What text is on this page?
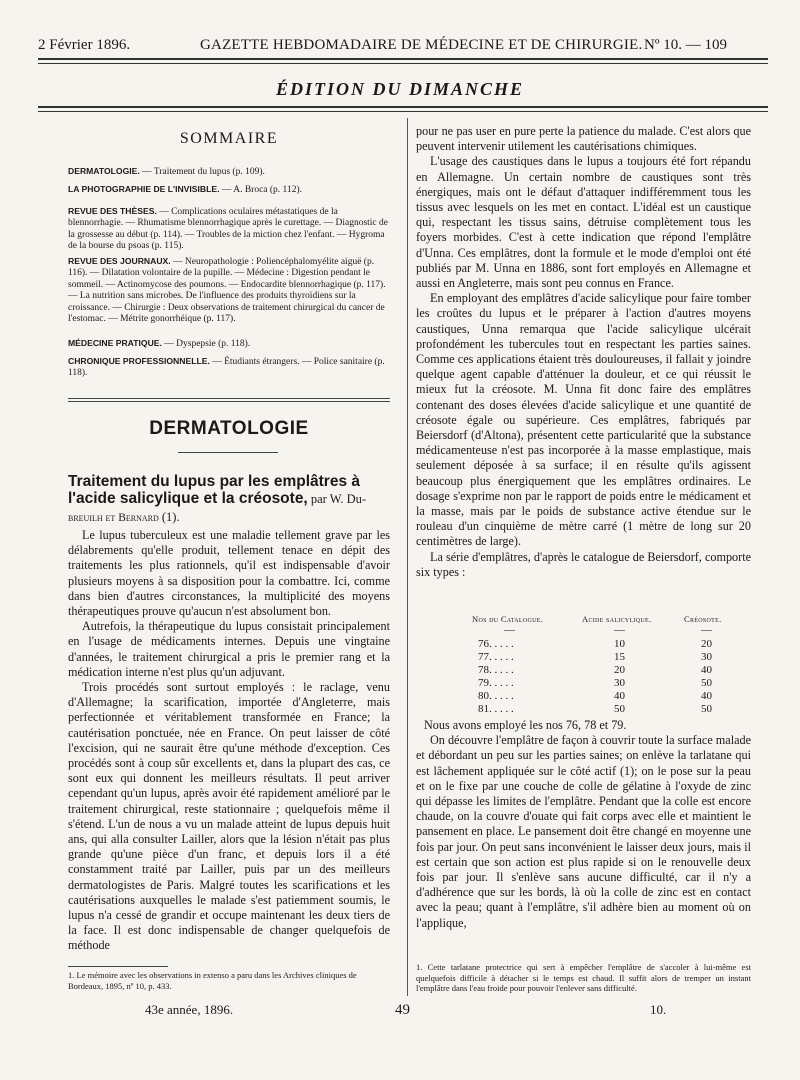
2 Février 1896.	GAZETTE HEBDOMADAIRE DE MÉDECINE ET DE CHIRURGIE. Nº 10. — 109
ÉDITION DU DIMANCHE
SOMMAIRE
DERMATOLOGIE. — Traitement du lupus (p. 109).
LA PHOTOGRAPHIE DE L'INVISIBLE. — A. Broca (p. 112).
REVUE DES THÈSES. — Complications oculaires métastatiques de la blennorrhagie. — Rhumatisme blennorrhagique après le curettage. — Diagnostic de la grossesse au début (p. 114). — Troubles de la miction chez l'enfant. — Hygroma de la bourse du psoas (p. 115).
REVUE DES JOURNAUX. — Neuropathologie : Poliencéphalomyélite aiguë (p. 116). — Dilatation volontaire de la pupille. — Médecine : Digestion pendant le sommeil. — Actinomycose des poumons. — Endocardite blennorrhagique (p. 117). — La nutrition sans microbes. De l'influence des produits thyroïdiens sur la croissance. — Chirurgie : Deux observations de traitement chirurgical du cancer de l'estomac. — Métrite gonorrhéique (p. 117).
MÉDECINE PRATIQUE. — Dyspepsie (p. 118).
CHRONIQUE PROFESSIONNELLE. — Étudiants étrangers. — Police sanitaire (p. 118).
DERMATOLOGIE
Traitement du lupus par les emplâtres à l'acide salicylique et la créosote, par W. Du- breuilh et Bernard (1).

Le lupus tuberculeux est une maladie tellement grave par les délabrements qu'elle produit, tellement tenace en dépit des traitements les plus rationnels, qu'il est indispensable d'avoir plusieurs moyens à sa disposition pour la combattre. Ici, comme dans bien d'autres circonstances, la multiplicité des moyens thérapeutiques prouve qu'aucun n'est absolument bon.

Autrefois, la thérapeutique du lupus consistait principalement en l'usage de médicaments internes. Depuis une vingtaine d'années, le traitement chirurgical a pris le premier rang et la médication interne n'est plus qu'un adjuvant.

Trois procédés sont surtout employés : le raclage, venu d'Allemagne; la scarification, importée d'Angleterre, mais perfectionnée et véritablement transformée en France; la cautérisation ponctuée, née en France. On peut laisser de côté l'excision, qui ne saurait être qu'une méthode d'exception. Ces procédés sont à coup sûr excellents et, dans la plupart des cas, ce sont eux qui donnent les meilleurs résultats. Il peut arriver cependant qu'un lupus, après avoir été rapidement amélioré par le traitement chirurgical, reste stationnaire ; quelquefois même il s'étend. L'un de nous a vu un malade atteint de lupus depuis huit ans, qui alla consulter Lailler, alors que la lésion n'était pas plus grande qu'une pièce d'un franc, et depuis lors il a été constamment traité par Lailler, puis par un des meilleurs dermatologistes de Paris. Malgré toutes les scarifications et les cautérisations auxquelles le malade s'est patiemment soumis, le lupus n'a cessé de grandir et occupe maintenant les deux tiers de la face. Il est donc indispensable de changer quelquefois de méthode

1. Le mémoire avec les observations in extenso a paru dans les Archives cliniques de Bordeaux, 1895, nº 10, p. 433.
43e année, 1896.

pour ne pas user en pure perte la patience du malade. C'est alors que peuvent intervenir utilement les cautérisations chimiques.

L'usage des caustiques dans le lupus a toujours été fort répandu en Allemagne. Un certain nombre de caustiques sont très énergiques, mais ont le défaut d'attaquer indifféremment tous les tissus avec lesquels on les met en contact. L'idéal est un caustique qui, respectant les tissus sains, détruise complètement tous les foyers morbides. C'est à cette indication que répond l'emplâtre d'Unna. Ces emplâtres, dont la formule et le mode d'emploi ont été publiés par M. Unna en 1886, sont fort employés en Allemagne et aussi en Angleterre, mais sont peu connus en France.

En employant des emplâtres d'acide salicylique pour faire tomber les croûtes du lupus et le préparer à l'action d'autres moyens caustiques, Unna remarqua que l'acide salicylique ulcérait profondément les tubercules tout en respectant les parties saines. Comme ces applications étaient très douloureuses, il fallait y joindre quelque agent capable d'atténuer la douleur, et ce qui réussit le mieux fut la créosote. M. Unna fit donc faire des emplâtres contenant des doses élevées d'acide salicylique et une quantité de créosote égale ou supérieure. Ces emplâtres, fabriqués par Beiersdorf (d'Altona), présentent cette particularité que la substance médicamenteuse n'est pas incorporée à la masse emplastique, mais seulement déposée à sa surface; il en résulte qu'ils agissent beaucoup plus énergiquement que les emplâtres ordinaires. Le dosage s'exprime non par le rapport de poids entre le médicament et la masse, mais par le poids de substance active étendue sur le rouleau d'un cinquième de mètre carré (1 mètre de long sur 20 centimètres de large).

La série d'emplâtres, d'après le catalogue de Beiersdorf, comporte six types :

Nos du Catalogue.	Acide salicylique.	Créosote.
—	—	—
76. . . . .	10	20
77. . . . .	15	30
78. . . . .	20	40
79. . . . .	30	50
80. . . . .	40	40
81. . . . .	50	50

Nous avons employé les nos 76, 78 et 79.

On découvre l'emplâtre de façon à couvrir toute la surface malade et débordant un peu sur les parties saines; on enlève la tarlatane qui est lâchement appliquée sur le côté actif (1); on le pose sur la peau et on le fixe par une couche de colle de gélatine à l'oxyde de zinc qui dépasse les limites de l'emplâtre. Pendant que la colle est encore chaude, on la couvre d'ouate qui fait corps avec elle et maintient le pansement en place. Le pansement doit être changé en moyenne une fois par jour. On peut sans inconvénient le laisser deux jours, mais il est certain que son action est plus rapide si on le renouvelle deux fois par jour. Il s'enlève sans aucune difficulté, car il n'y a d'adhérence que sur les bords, là où la colle de zinc est en contact avec la peau; quant à l'emplâtre, s'il adhère bien au moment où on l'applique,

1. Cette tarlatane protectrice qui sert à empêcher l'emplâtre de s'accoler à lui-même est quelquefois difficile à détacher si le temps est chaud. Il suffit alors de tremper un instant l'emplâtre dans l'eau froide pour pouvoir l'enlever sans difficulté.
49	10.
